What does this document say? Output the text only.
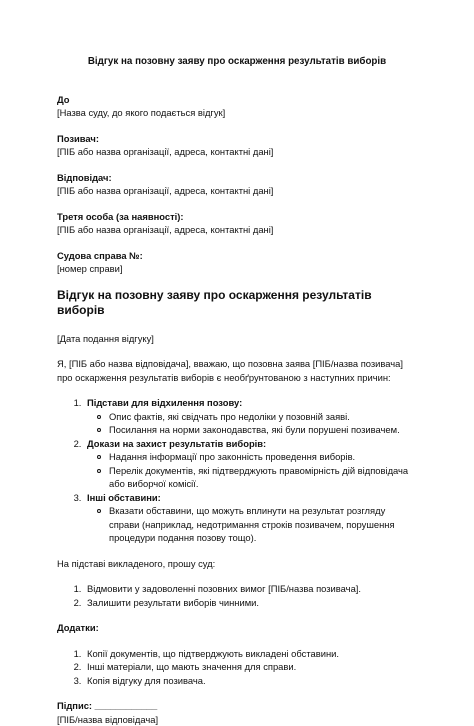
Відгук на позовну заяву про оскарження результатів виборів
До
[Назва суду, до якого подається відгук]
Позивач:
[ПІБ або назва організації, адреса, контактні дані]
Відповідач:
[ПІБ або назва організації, адреса, контактні дані]
Третя особа (за наявності):
[ПІБ або назва організації, адреса, контактні дані]
Судова справа №:
[номер справи]
Відгук на позовну заяву про оскарження результатів виборів

[Дата подання відгуку]

Я, [ПІБ або назва відповідача], вважаю, що позовна заява [ПІБ/назва позивача] про оскарження результатів виборів є необґрунтованою з наступних причин:

1. Підстави для відхилення позову:
Опис фактів, які свідчать про недоліки у позовній заяві.
Посилання на норми законодавства, які були порушені позивачем.
2. Докази на захист результатів виборів:
Надання інформації про законність проведення виборів.
Перелік документів, які підтверджують правомірність дій відповідача або виборчої комісії.
3. Інші обставини:
Вказати обставини, що можуть вплинути на результат розгляду справи (наприклад, недотримання строків позивачем, порушення процедури подання позову тощо).

На підставі викладеного, прошу суд:

1. Відмовити у задоволенні позовних вимог [ПІБ/назва позивача].
2. Залишити результати виборів чинними.

Додатки:

1. Копії документів, що підтверджують викладені обставини.
2. Інші матеріали, що мають значення для справи.
3. Копія відгуку для позивача.
Підпис: ____________
[ПІБ/назва відповідача]
